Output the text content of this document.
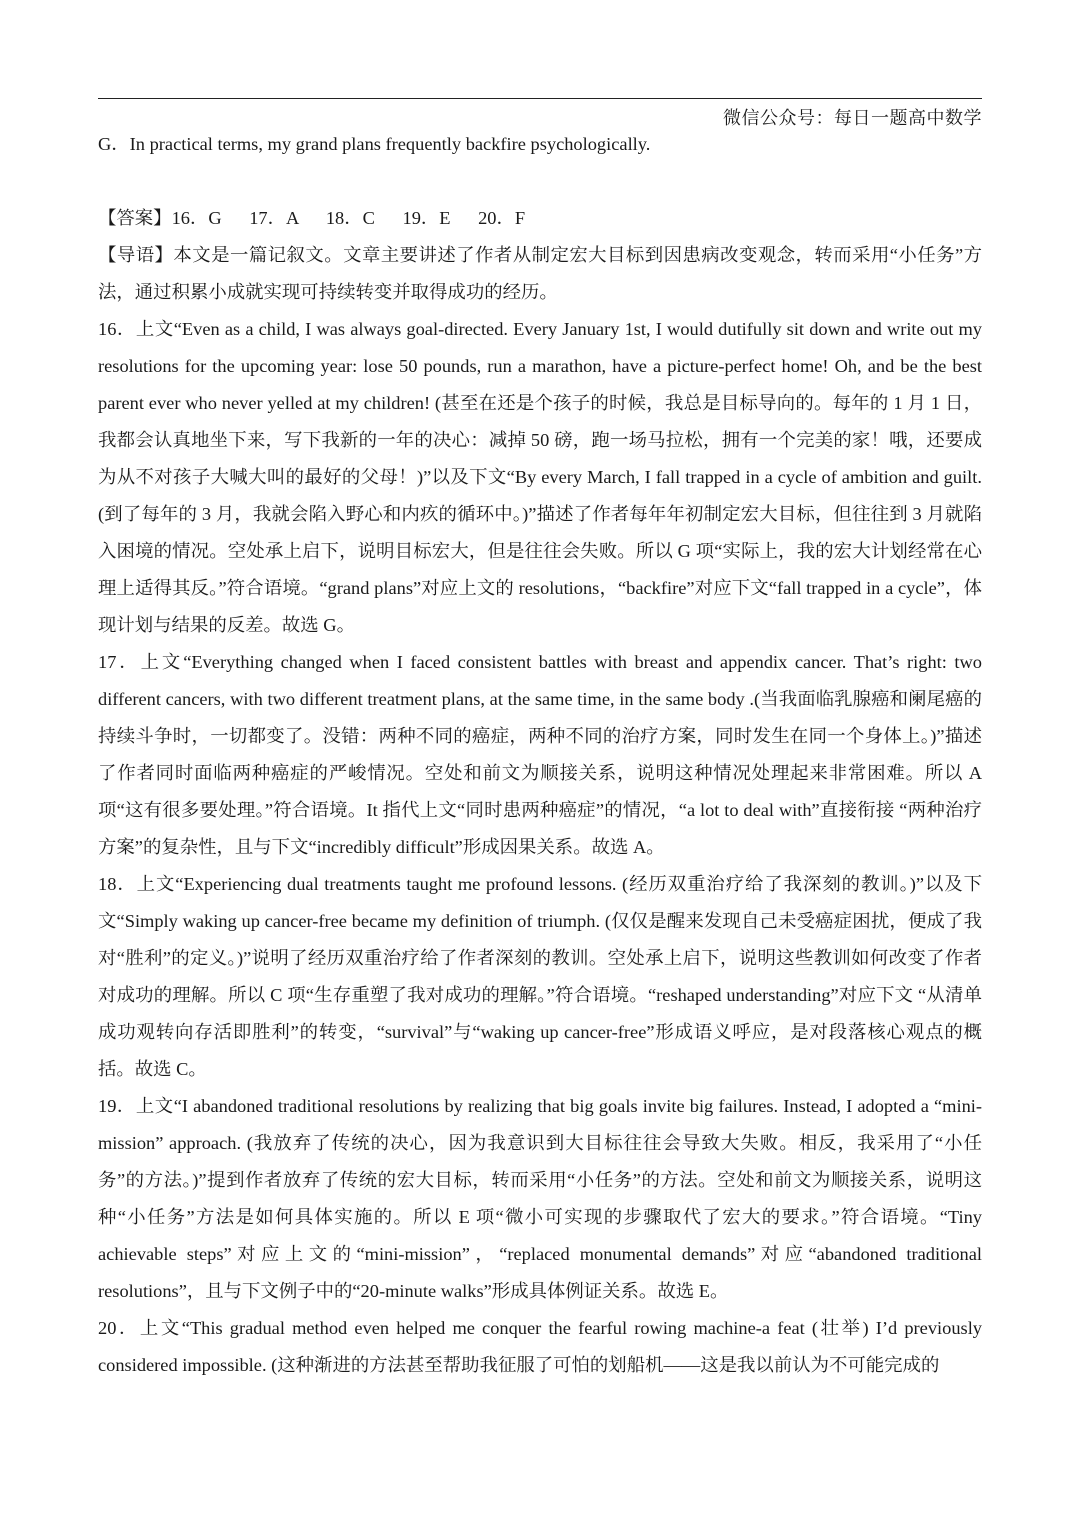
微信公众号：每日一题高中数学

G．In practical terms, my grand plans frequently backfire psychologically.

【答案】16．G      17．A      18．C      19．E      20．F

【导语】本文是一篇记叙文。文章主要讲述了作者从制定宏大目标到因患病改变观念，转而采用“小任务”方法，通过积累小成就实现可持续转变并取得成功的经历。

16．上文“Even as a child, I was always goal-directed. Every January 1st, I would dutifully sit down and write out my resolutions for the upcoming year: lose 50 pounds, run a marathon, have a picture-perfect home! Oh, and be the best parent ever who never yelled at my children! (甚至在还是个孩子的时候，我总是目标导向的。每年的 1 月 1 日，我都会认真地坐下来，写下我新的一年的决心：减掉 50 磅，跑一场马拉松，拥有一个完美的家！哦，还要成为从不对孩子大喊大叫的最好的父母！)”以及下文“By every March, I fall trapped in a cycle of ambition and guilt. (到了每年的 3 月，我就会陷入野心和内疚的循环中。)”描述了作者每年年初制定宏大目标，但往往到 3 月就陷入困境的情况。空处承上启下，说明目标宏大，但是往往会失败。所以 G 项“实际上，我的宏大计划经常在心理上适得其反。”符合语境。“grand plans”对应上文的 resolutions，“backfire”对应下文“fall trapped in a cycle”，体现计划与结果的反差。故选 G。

17．上文“Everything changed when I faced consistent battles with breast and appendix cancer. That’s right: two different cancers, with two different treatment plans, at the same time, in the same body .(当我面临乳腺癌和阑尾癌的持续斗争时，一切都变了。没错：两种不同的癌症，两种不同的治疗方案，同时发生在同一个身体上。)”描述了作者同时面临两种癌症的严峻情况。空处和前文为顺接关系，说明这种情况处理起来非常困难。所以 A 项“这有很多要处理。”符合语境。It 指代上文“同时患两种癌症”的情况，“a lot to deal with”直接衔接 “两种治疗方案”的复杂性，且与下文“incredibly difficult”形成因果关系。故选 A。

18．上文“Experiencing dual treatments taught me profound lessons. (经历双重治疗给了我深刻的教训。)”以及下文“Simply waking up cancer-free became my definition of triumph. (仅仅是醒来发现自己未受癌症困扰，便成了我对“胜利”的定义。)”说明了经历双重治疗给了作者深刻的教训。空处承上启下，说明这些教训如何改变了作者对成功的理解。所以 C 项“生存重塑了我对成功的理解。”符合语境。“reshaped understanding”对应下文 “从清单成功观转向存活即胜利”的转变，“survival”与“waking up cancer-free”形成语义呼应，是对段落核心观点的概括。故选 C。

19．上文“I abandoned traditional resolutions by realizing that big goals invite big failures. Instead, I adopted a “mini-mission” approach. (我放弃了传统的决心，因为我意识到大目标往往会导致大失败。相反，我采用了“小任务”的方法。)”提到作者放弃了传统的宏大目标，转而采用“小任务”的方法。空处和前文为顺接关系，说明这种“小任务”方法是如何具体实施的。所以 E 项“微小可实现的步骤取代了宏大的要求。”符合语境。“Tiny achievable steps”对应上文的“mini-mission”，“replaced monumental demands”对应“abandoned traditional resolutions”，且与下文例子中的“20-minute walks”形成具体例证关系。故选 E。

20．上文“This gradual method even helped me conquer the fearful rowing machine-a feat (壮举) I’d previously considered impossible. (这种渐进的方法甚至帮助我征服了可怕的划船机——这是我以前认为不可能完成的
